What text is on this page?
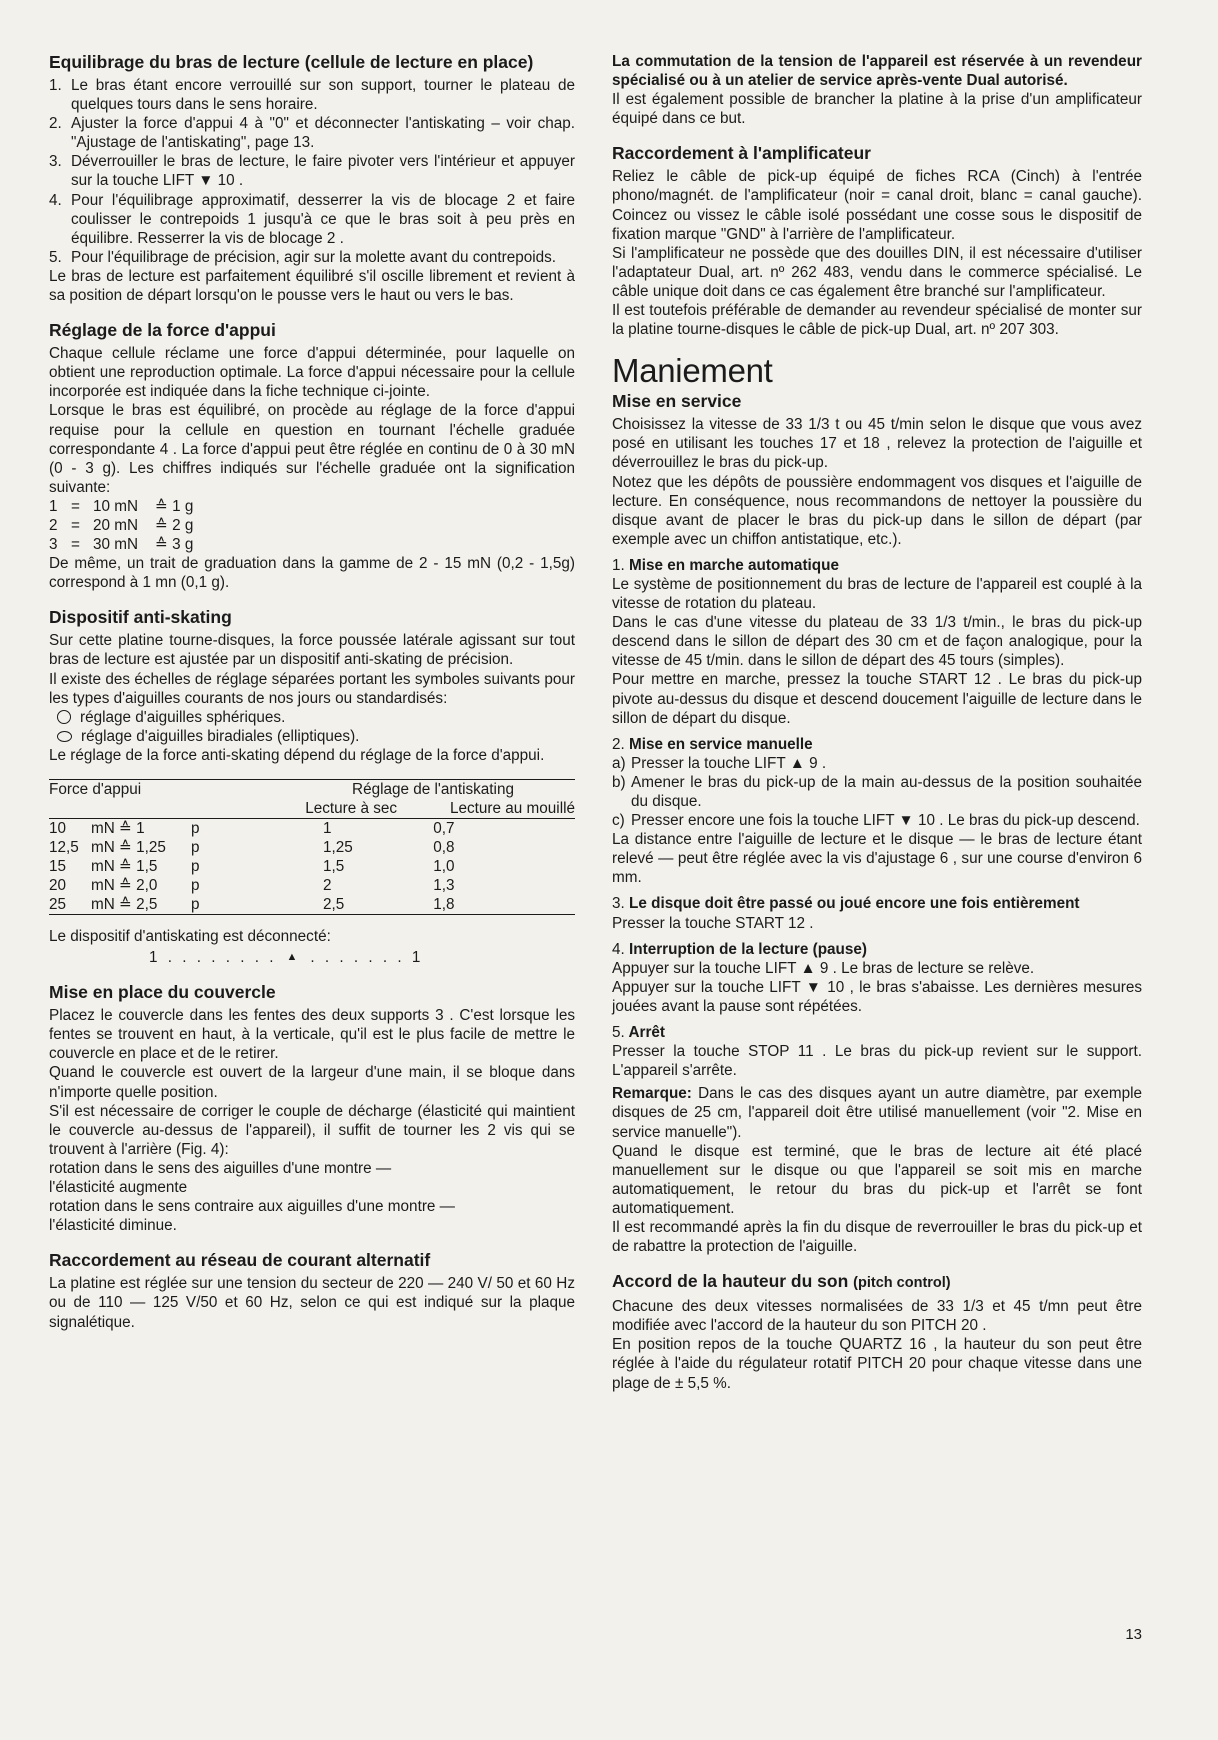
Equilibrage du bras de lecture (cellule de lecture en place)
1. Le bras étant encore verrouillé sur son support, tourner le plateau de quelques tours dans le sens horaire.
2. Ajuster la force d'appui 4 à "0" et déconnecter l'antiskating – voir chap. "Ajustage de l'antiskating", page 13.
3. Déverrouiller le bras de lecture, le faire pivoter vers l'intérieur et appuyer sur la touche LIFT ▼ 10 .
4. Pour l'équilibrage approximatif, desserrer la vis de blocage 2 et faire coulisser le contrepoids 1 jusqu'à ce que le bras soit à peu près en équilibre. Resserrer la vis de blocage 2 .
5. Pour l'équilibrage de précision, agir sur la molette avant du contrepoids.

Le bras de lecture est parfaitement équilibré s'il oscille librement et revient à sa position de départ lorsqu'on le pousse vers le haut ou vers le bas.

Réglage de la force d'appui

Chaque cellule réclame une force d'appui déterminée, pour laquelle on obtient une reproduction optimale. La force d'appui nécessaire pour la cellule incorporée est indiquée dans la fiche technique ci-jointe.

Lorsque le bras est équilibré, on procède au réglage de la force d'appui requise pour la cellule en question en tournant l'échelle graduée correspondante 4 . La force d'appui peut être réglée en continu de 0 à 30 mN (0 - 3 g). Les chiffres indiqués sur l'échelle graduée ont la signification suivante:

1 = 10 mN	≙ 1 g
2 = 20 mN	≙ 2 g
3 = 30 mN	≙ 3 g

De même, un trait de graduation dans la gamme de 2 - 15 mN (0,2 - 1,5g) correspond à 1 mn (0,1 g).

Dispositif anti-skating

Sur cette platine tourne-disques, la force poussée latérale agissant sur tout bras de lecture est ajustée par un dispositif anti-skating de précision.

Il existe des échelles de réglage séparées portant les symboles suivants pour les types d'aiguilles courants de nos jours ou standardisés:

réglage d'aiguilles sphériques.
réglage d'aiguilles biradiales (elliptiques).

Le réglage de la force anti-skating dépend du réglage de la force d'appui.

Force d'appui			Réglage de l'antiskating	
			Lecture à sec	Lecture au mouillé
10	mN ≙ 1	p	1	0,7
12,5	mN ≙ 1,25	p	1,25	0,8
15	mN ≙ 1,5	p	1,5	1,0
20	mN ≙ 2,0	p	2	1,3
25	mN ≙ 2,5	p	2,5	1,8

Le dispositif d'antiskating est déconnecté:

1 . . . . . . . . ▲ . . . . . . . 1
Mise en place du couvercle

Placez le couvercle dans les fentes des deux supports 3 . C'est lorsque les fentes se trouvent en haut, à la verticale, qu'il est le plus facile de mettre le couvercle en place et de le retirer.

Quand le couvercle est ouvert de la largeur d'une main, il se bloque dans n'importe quelle position.

S'il est nécessaire de corriger le couple de décharge (élasticité qui maintient le couvercle au-dessus de l'appareil), il suffit de tourner les 2 vis qui se trouvent à l'arrière (Fig. 4):

rotation dans le sens des aiguilles d'une montre —

l'élasticité augmente

rotation dans le sens contraire aux aiguilles d'une montre —

l'élasticité diminue.

Raccordement au réseau de courant alternatif

La platine est réglée sur une tension du secteur de 220 — 240 V/ 50 et 60 Hz ou de 110 — 125 V/50 et 60 Hz, selon ce qui est indiqué sur la plaque signalétique.

La commutation de la tension de l'appareil est réservée à un revendeur spécialisé ou à un atelier de service après-vente Dual autorisé.

Il est également possible de brancher la platine à la prise d'un amplificateur équipé dans ce but.

Raccordement à l'amplificateur

Reliez le câble de pick-up équipé de fiches RCA (Cinch) à l'entrée phono/magnét. de l'amplificateur (noir = canal droit, blanc = canal gauche). Coincez ou vissez le câble isolé possédant une cosse sous le dispositif de fixation marque "GND" à l'arrière de l'amplificateur.

Si l'amplificateur ne possède que des douilles DIN, il est nécessaire d'utiliser l'adaptateur Dual, art. nº 262 483, vendu dans le commerce spécialisé. Le câble unique doit dans ce cas également être branché sur l'amplificateur.

Il est toutefois préférable de demander au revendeur spécialisé de monter sur la platine tourne-disques le câble de pick-up Dual, art. nº 207 303.

Maniement
Mise en service

Choisissez la vitesse de 33 1/3 t ou 45 t/min selon le disque que vous avez posé en utilisant les touches 17 et 18 , relevez la protection de l'aiguille et déverrouillez le bras du pick-up.

Notez que les dépôts de poussière endommagent vos disques et l'aiguille de lecture. En conséquence, nous recommandons de nettoyer la poussière du disque avant de placer le bras du pick-up dans le sillon de départ (par exemple avec un chiffon antistatique, etc.).

1. Mise en marche automatique

Le système de positionnement du bras de lecture de l'appareil est couplé à la vitesse de rotation du plateau.

Dans le cas d'une vitesse du plateau de 33 1/3 t/min., le bras du pick-up descend dans le sillon de départ des 30 cm et de façon analogique, pour la vitesse de 45 t/min. dans le sillon de départ des 45 tours (simples).

Pour mettre en marche, pressez la touche START 12 . Le bras du pick-up pivote au-dessus du disque et descend doucement l'aiguille de lecture dans le sillon de départ du disque.

2. Mise en service manuelle
a) Presser la touche LIFT ▲ 9 .
b) Amener le bras du pick-up de la main au-dessus de la position souhaitée du disque.
c) Presser encore une fois la touche LIFT ▼ 10 . Le bras du pick-up descend.

La distance entre l'aiguille de lecture et le disque — le bras de lecture étant relevé — peut être réglée avec la vis d'ajustage 6 , sur une course d'environ 6 mm.

3. Le disque doit être passé ou joué encore une fois entièrement

Presser la touche START 12 .

4. Interruption de la lecture (pause)

Appuyer sur la touche LIFT ▲ 9 . Le bras de lecture se relève.

Appuyer sur la touche LIFT ▼ 10 , le bras s'abaisse. Les dernières mesures jouées avant la pause sont répétées.

5. Arrêt

Presser la touche STOP 11 . Le bras du pick-up revient sur le support. L'appareil s'arrête.

Remarque: Dans le cas des disques ayant un autre diamètre, par exemple disques de 25 cm, l'appareil doit être utilisé manuellement (voir "2. Mise en service manuelle").

Quand le disque est terminé, que le bras de lecture ait été placé manuellement sur le disque ou que l'appareil se soit mis en marche automatiquement, le retour du bras du pick-up et l'arrêt se font automatiquement.

Il est recommandé après la fin du disque de reverrouiller le bras du pick-up et de rabattre la protection de l'aiguille.

Accord de la hauteur du son (pitch control)

Chacune des deux vitesses normalisées de 33 1/3 et 45 t/mn peut être modifiée avec l'accord de la hauteur du son PITCH 20 .

En position repos de la touche QUARTZ 16 , la hauteur du son peut être réglée à l'aide du régulateur rotatif PITCH 20 pour chaque vitesse dans une plage de ± 5,5 %.

13
